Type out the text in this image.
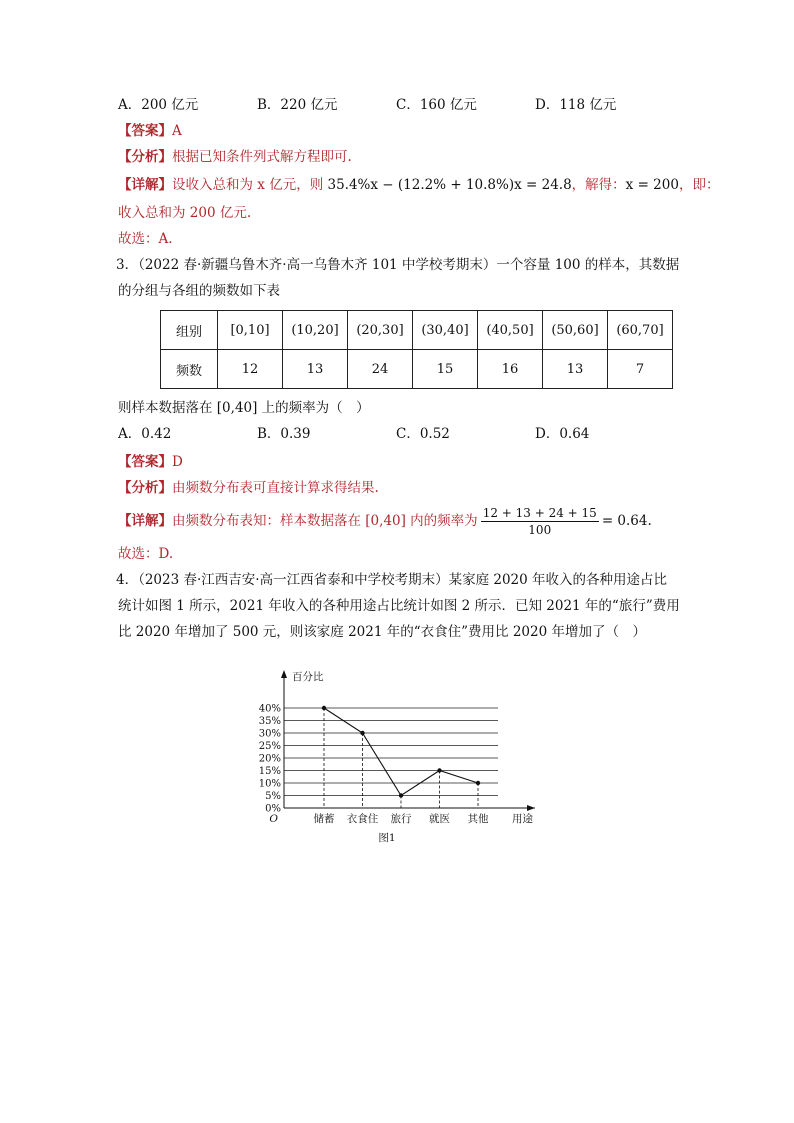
A．200 亿元	B．220 亿元	C．160 亿元	D．118 亿元

【答案】A

【分析】根据已知条件列式解方程即可.

【详解】设收入总和为 x 亿元，则 35.4%x − (12.2% + 10.8%)x = 24.8，解得：x = 200，即：

收入总和为 200 亿元.

故选：A.

3．（2022 春·新疆乌鲁木齐·高一乌鲁木齐 101 中学校考期末）一个容量 100 的样本，其数据

的分组与各组的频数如下表

组别	[0,10]	(10,20]	(20,30]	(30,40]	(40,50]	(50,60]	(60,70]
频数	12	13	24	15	16	13	7

则样本数据落在 [0,40] 上的频率为（　）

A．0.42	B．0.39	C．0.52	D．0.64

【答案】D

【分析】由频数分布表可直接计算求得结果.

【详解】由频数分布表知：样本数据落在 [0,40] 内的频率为 $\frac{12 + 13 + 24 + 15}{100} = 0.64$.

故选：D.

4．（2023 春·江西吉安·高一江西省泰和中学校考期末）某家庭 2020 年收入的各种用途占比

统计如图 1 所示，2021 年收入的各种用途占比统计如图 2 所示．已知 2021 年的“旅行”费用

比 2020 年增加了 500 元，则该家庭 2021 年的“衣食住”费用比 2020 年增加了（　）

0%
5%
10%
15%
20%
25%
30%
35%
40%
百分比
用途
O	储蓄 衣食住 旅行 就医 其他
图1
